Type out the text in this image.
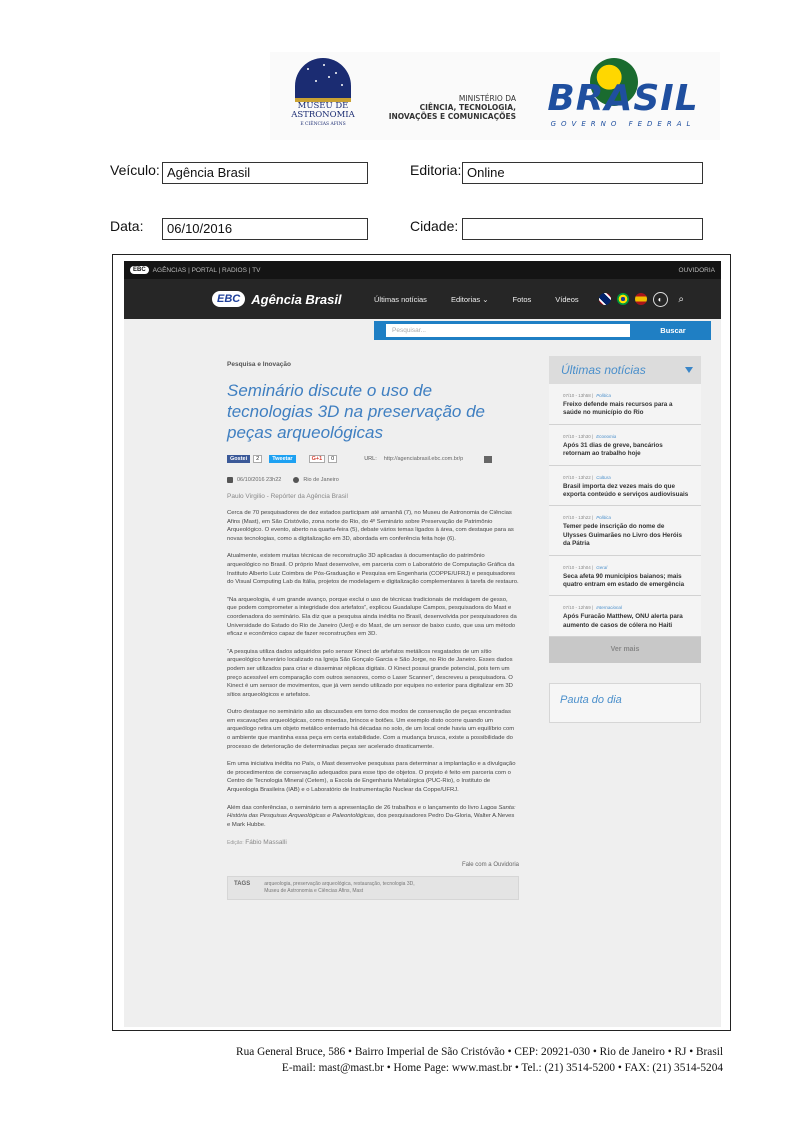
MUSEU DE ASTRONOMIA
E CIÊNCIAS AFINS
MINISTÉRIO DA
CIÊNCIA, TECNOLOGIA,
INOVAÇÕES E COMUNICAÇÕES BRASIL
GOVERNO FEDERAL
Veículo: Agência Brasil	Editoria: Online
Data:	06/10/2016	Cidade:
EBC	AGÊNCIAS | PORTAL | RADIOS | TV	OUVIDORIA
EBC Agência Brasil	Últimas notícias	Editorias ⌄	Fotos	Vídeos	◐	⌕
Pesquisar...	Buscar
Pesquisa e Inovação
Seminário discute o uso de tecnologias 3D na preservação de peças arqueológicas
Gostei	2	Tweetar	G+1	0	URL: http://agenciabrasil.ebc.com.br/p
06/10/2016 23h22	Rio de Janeiro
Paulo Virgilio - Repórter da Agência Brasil
Cerca de 70 pesquisadores de dez estados participam até amanhã (7), no Museu de Astronomia de Ciências Afins (Mast), em São Cristóvão, zona norte do Rio, do 4º Seminário sobre Preservação de Patrimônio Arqueológico. O evento, aberto na quarta-feira (5), debate vários temas ligados à área, com destaque para as novas tecnologias, como a digitalização em 3D, abordada em conferência feita hoje (6).
Atualmente, existem muitas técnicas de reconstrução 3D aplicadas à documentação do patrimônio arqueológico no Brasil. O próprio Mast desenvolve, em parceria com o Laboratório de Computação Gráfica da Instituto Alberto Luiz Coimbra de Pós-Graduação e Pesquisa em Engenharia (COPPE/UFRJ) e pesquisadores do Visual Computing Lab da Itália, projetos de modelagem e digitalização complementares à tarefa de restauro.
“Na arqueologia, é um grande avanço, porque exclui o uso de técnicas tradicionais de moldagem de gesso, que podem comprometer a integridade dos artefatos”, explicou Guadalupe Campos, pesquisadora do Mast e coordenadora do seminário. Ela diz que a pesquisa ainda inédita no Brasil, desenvolvida por pesquisadores da Universidade do Estado do Rio de Janeiro (Uerj) e do Mast, de um sensor de baixo custo, que usa um método eficaz e econômico capaz de fazer reconstruções em 3D.
“A pesquisa utiliza dados adquiridos pelo sensor Kinect de artefatos metálicos resgatados de um sítio arqueológico funerário localizado na Igreja São Gonçalo Garcia e São Jorge, no Rio de Janeiro. Esses dados podem ser utilizados para criar e disseminar réplicas digitais. O Kinect possui grande potencial, pois tem um preço acessível em comparação com outros sensores, como o Laser Scanner”, descreveu a pesquisadora. O Kinect é um sensor de movimentos, que já vem sendo utilizado por equipes no exterior para digitalizar em 3D sítios arqueológicos e artefatos.
Outro destaque no seminário são as discussões em torno dos modos de conservação de peças encontradas em escavações arqueológicas, como moedas, brincos e botões. Um exemplo disto ocorre quando um arqueólogo retira um objeto metálico enterrado há décadas no solo, de um local onde havia um equilíbrio com o ambiente que mantinha essa peça em certa estabilidade. Com a mudança brusca, existe a possibilidade do processo de deterioração de determinadas peças ser acelerado drasticamente.
Em uma iniciativa inédita no País, o Mast desenvolve pesquisas para determinar a implantação e a divulgação de procedimentos de conservação adequados para esse tipo de objetos. O projeto é feito em parceria com o Centro de Tecnologia Mineral (Cetem), a Escola de Engenharia Metalúrgica (PUC-Rio), o Instituto de Arqueologia Brasileira (IAB) e o Laboratório de Instrumentação Nuclear da Coppe/UFRJ.
Além das conferências, o seminário tem a apresentação de 26 trabalhos e o lançamento do livro Lagoa Santa: História das Pesquisas Arqueológicas e Paleontológicas, dos pesquisadores Pedro Da-Gloria, Walter A.Neves e Mark Hubbe.
Edição: Fábio Massalli
Fale com a Ouvidoria
TAGS	arqueologia, preservação arqueológica, restauração, tecnologia 3D,
Museu de Astronomia e Ciências Afins, Mast
Últimas notícias
07/10 - 13h58 | Política
Freixo defende mais recursos para a saúde no município do Rio
07/10 - 13h30 | Economia
Após 31 dias de greve, bancários retornam ao trabalho hoje
07/10 - 13h22 | Cultura
Brasil importa dez vezes mais do que exporta conteúdo e serviços audiovisuais
07/10 - 13h22 | Política
Temer pede inscrição do nome de Ulysses Guimarães no Livro dos Heróis da Pátria
07/10 - 13h04 | Geral
Seca afeta 90 municípios baianos; mais quatro entram em estado de emergência
07/10 - 12h59 | Internacional
Após Furacão Matthew, ONU alerta para aumento de casos de cólera no Haiti
Ver mais
Pauta do dia
Rua General Bruce, 586 • Bairro Imperial de São Cristóvão • CEP: 20921-030 • Rio de Janeiro • RJ • Brasil
E-mail: mast@mast.br • Home Page: www.mast.br • Tel.: (21) 3514-5200 • FAX: (21) 3514-5204
